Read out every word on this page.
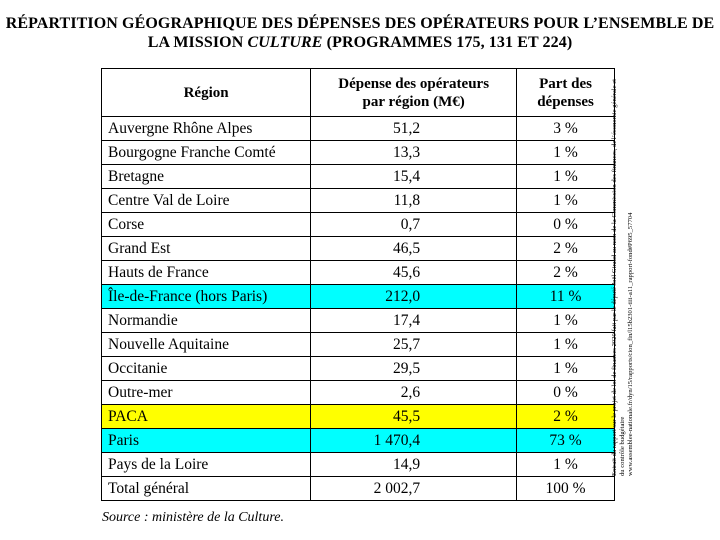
RÉPARTITION GÉOGRAPHIQUE DES DÉPENSES DES OPÉRATEURS POUR L’ENSEMBLE DE
LA MISSION CULTURE (PROGRAMMES 175, 131 ET 224)
Région	Dépense des opérateurs par région (M€)	Part des dépenses
Auvergne Rhône Alpes	51,2	3 %
Bourgogne Franche Comté	13,3	1 %
Bretagne	15,4	1 %
Centre Val de Loire	11,8	1 %
Corse	0,7	0 %
Grand Est	46,5	2 %
Hauts de France	45,6	2 %
Île-de-France (hors Paris)	212,0	11 %
Normandie	17,4	1 %
Nouvelle Aquitaine	25,7	1 %
Occitanie	29,5	1 %
Outre-mer	2,6	0 %
PACA	45,5	2 %
Paris	1 470,4	73 %
Pays de la Loire	14,9	1 %
Total général	2 002,7	100 %
Source : ministère de la Culture.
Extrait du rapport sur le projet de loi de finances 2020 fait par le député Joël Giraud au nom de la Commission des finances, de l’économie générale et du contrôle budgétaire www.assemblee-nationale.fr/dyn/15/rapports/cion_fin/l15b2301-tiii-a11_rapport-fond#P695_57704
